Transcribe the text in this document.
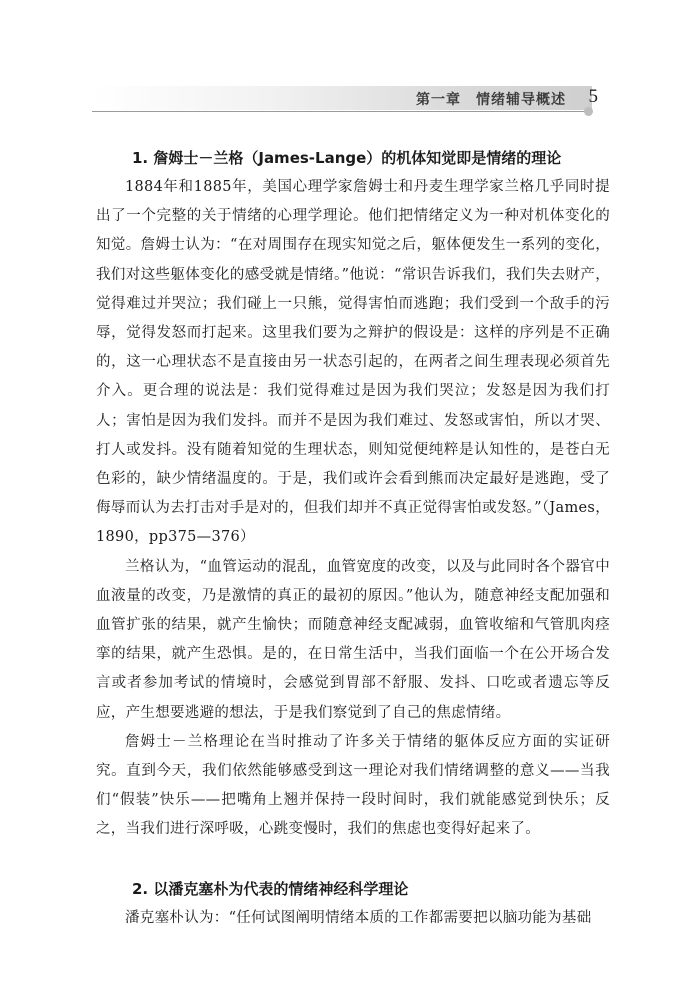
第一章　情绪辅导概述 5
1. 詹姆士－兰格（James-Lange）的机体知觉即是情绪的理论

1884年和1885年，美国心理学家詹姆士和丹麦生理学家兰格几乎同时提出了一个完整的关于情绪的心理学理论。他们把情绪定义为一种对机体变化的知觉。詹姆士认为：“在对周围存在现实知觉之后，躯体便发生一系列的变化，我们对这些躯体变化的感受就是情绪。”他说：“常识告诉我们，我们失去财产，觉得难过并哭泣；我们碰上一只熊，觉得害怕而逃跑；我们受到一个敌手的污辱，觉得发怒而打起来。这里我们要为之辩护的假设是：这样的序列是不正确的，这一心理状态不是直接由另一状态引起的，在两者之间生理表现必须首先介入。更合理的说法是：我们觉得难过是因为我们哭泣；发怒是因为我们打人；害怕是因为我们发抖。而并不是因为我们难过、发怒或害怕，所以才哭、打人或发抖。没有随着知觉的生理状态，则知觉便纯粹是认知性的，是苍白无色彩的，缺少情绪温度的。于是，我们或许会看到熊而决定最好是逃跑，受了侮辱而认为去打击对手是对的，但我们却并不真正觉得害怕或发怒。”（James，1890，pp375—376）

兰格认为，“血管运动的混乱，血管宽度的改变，以及与此同时各个器官中血液量的改变，乃是激情的真正的最初的原因。”他认为，随意神经支配加强和血管扩张的结果，就产生愉快；而随意神经支配减弱，血管收缩和气管肌肉痉挛的结果，就产生恐惧。是的，在日常生活中，当我们面临一个在公开场合发言或者参加考试的情境时，会感觉到胃部不舒服、发抖、口吃或者遗忘等反应，产生想要逃避的想法，于是我们察觉到了自己的焦虑情绪。

詹姆士－兰格理论在当时推动了许多关于情绪的躯体反应方面的实证研究。直到今天，我们依然能够感受到这一理论对我们情绪调整的意义——当我们“假装”快乐——把嘴角上翘并保持一段时间时，我们就能感觉到快乐；反之，当我们进行深呼吸，心跳变慢时，我们的焦虑也变得好起来了。

2. 以潘克塞朴为代表的情绪神经科学理论

潘克塞朴认为：“任何试图阐明情绪本质的工作都需要把以脑功能为基础
